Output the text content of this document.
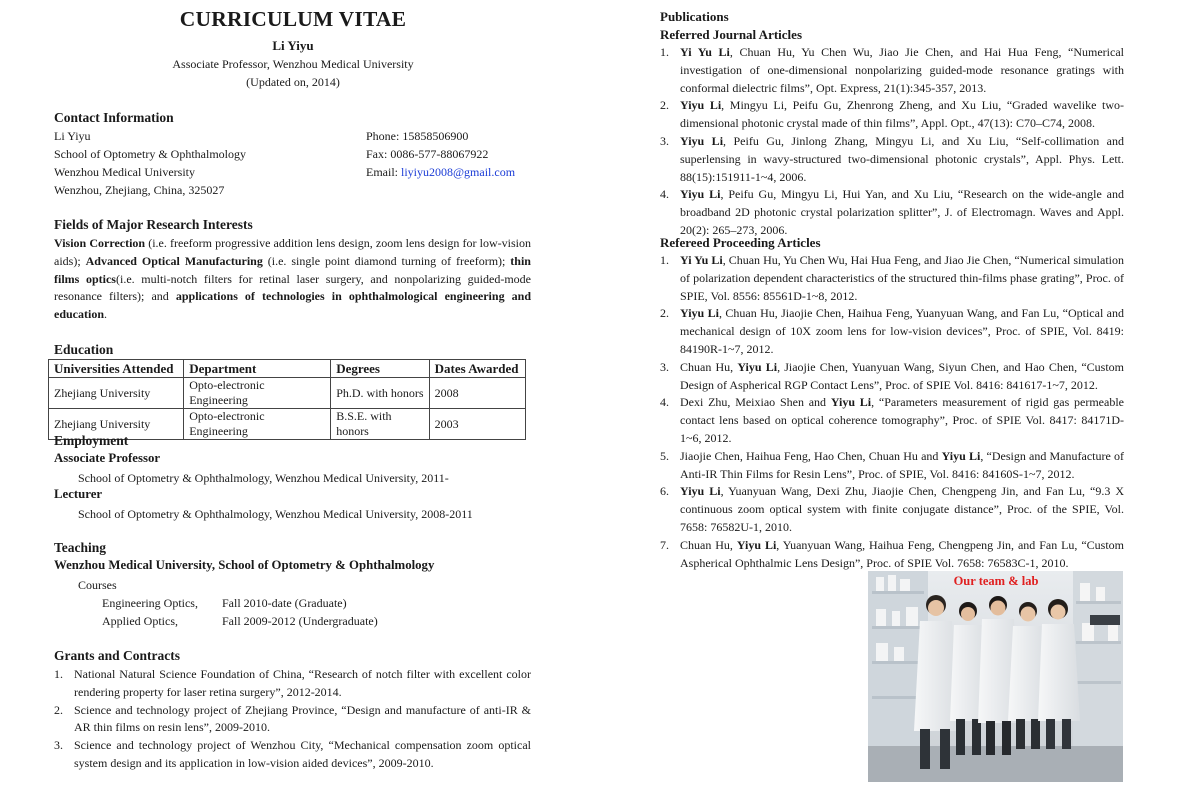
CURRICULUM VITAE
Li Yiyu
Associate Professor, Wenzhou Medical University
(Updated on, 2014)
Contact Information
Li Yiyu
School of Optometry & Ophthalmology
Wenzhou Medical University
Wenzhou, Zhejiang, China, 325027
Phone: 15858506900
Fax: 0086-577-88067922
Email: liyiyu2008@gmail.com
Fields of Major Research Interests
Vision Correction (i.e. freeform progressive addition lens design, zoom lens design for low-vision aids); Advanced Optical Manufacturing (i.e. single point diamond turning of freeform); thin films optics(i.e. multi-notch filters for retinal laser surgery, and nonpolarizing guided-mode resonance filters); and applications of technologies in ophthalmological engineering and education.
Education
Universities Attended	Department	Degrees	Dates Awarded
Zhejiang University	Opto-electronic Engineering	Ph.D. with honors	2008
Zhejiang University	Opto-electronic Engineering	B.S.E. with honors	2003
Employment
Associate Professor
School of Optometry & Ophthalmology, Wenzhou Medical University, 2011-
Lecturer
School of Optometry & Ophthalmology, Wenzhou Medical University, 2008-2011
Teaching
Wenzhou Medical University, School of Optometry & Ophthalmology
Courses
Engineering Optics, Fall 2010-date (Graduate)
Applied Optics,	Fall 2009-2012 (Undergraduate)
Grants and Contracts
1. National Natural Science Foundation of China, “Research of notch filter with excellent color rendering property for laser retina surgery”, 2012-2014.
2. Science and technology project of Zhejiang Province, “Design and manufacture of anti-IR & AR thin films on resin lens”, 2009-2010.
3. Science and technology project of Wenzhou City, “Mechanical compensation zoom optical system design and its application in low-vision aided devices”, 2009-2010.
Publications
Referred Journal Articles
1. Yi Yu Li, Chuan Hu, Yu Chen Wu, Jiao Jie Chen, and Hai Hua Feng, “Numerical investigation of one-dimensional nonpolarizing guided-mode resonance gratings with conformal dielectric films”, Opt. Express, 21(1):345-357, 2013.
2. Yiyu Li, Mingyu Li, Peifu Gu, Zhenrong Zheng, and Xu Liu, “Graded wavelike two-dimensional photonic crystal made of thin films”, Appl. Opt., 47(13): C70–C74, 2008.
3. Yiyu Li, Peifu Gu, Jinlong Zhang, Mingyu Li, and Xu Liu, “Self-collimation and superlensing in wavy-structured two-dimensional photonic crystals”, Appl. Phys. Lett. 88(15):151911-1~4, 2006.
4. Yiyu Li, Peifu Gu, Mingyu Li, Hui Yan, and Xu Liu, “Research on the wide-angle and broadband 2D photonic crystal polarization splitter”, J. of Electromagn. Waves and Appl. 20(2): 265–273, 2006.
Refereed Proceeding Articles
1. Yi Yu Li, Chuan Hu, Yu Chen Wu, Hai Hua Feng, and Jiao Jie Chen, “Numerical simulation of polarization dependent characteristics of the structured thin-films phase grating”, Proc. of SPIE, Vol. 8556: 85561D-1~8, 2012.
2. Yiyu Li, Chuan Hu, Jiaojie Chen, Haihua Feng, Yuanyuan Wang, and Fan Lu, “Optical and mechanical design of 10X zoom lens for low-vision devices”, Proc. of SPIE, Vol. 8419: 84190R-1~7, 2012.
3. Chuan Hu, Yiyu Li, Jiaojie Chen, Yuanyuan Wang, Siyun Chen, and Hao Chen, “Custom Design of Aspherical RGP Contact Lens”, Proc. of SPIE Vol. 8416: 841617-1~7, 2012.
4. Dexi Zhu, Meixiao Shen and Yiyu Li, “Parameters measurement of rigid gas permeable contact lens based on optical coherence tomography”, Proc. of SPIE Vol. 8417: 84171D-1~6, 2012.
5. Jiaojie Chen, Haihua Feng, Hao Chen, Chuan Hu and Yiyu Li, “Design and Manufacture of Anti-IR Thin Films for Resin Lens”, Proc. of SPIE, Vol. 8416: 84160S-1~7, 2012.
6. Yiyu Li, Yuanyuan Wang, Dexi Zhu, Jiaojie Chen, Chengpeng Jin, and Fan Lu, “9.3 X continuous zoom optical system with finite conjugate distance”, Proc. of the SPIE, Vol. 7658: 76582U-1, 2010.
7. Chuan Hu, Yiyu Li, Yuanyuan Wang, Haihua Feng, Chengpeng Jin, and Fan Lu, “Custom Aspherical Ophthalmic Lens Design”, Proc. of SPIE Vol. 7658: 76583C-1, 2010.
Our team & lab
